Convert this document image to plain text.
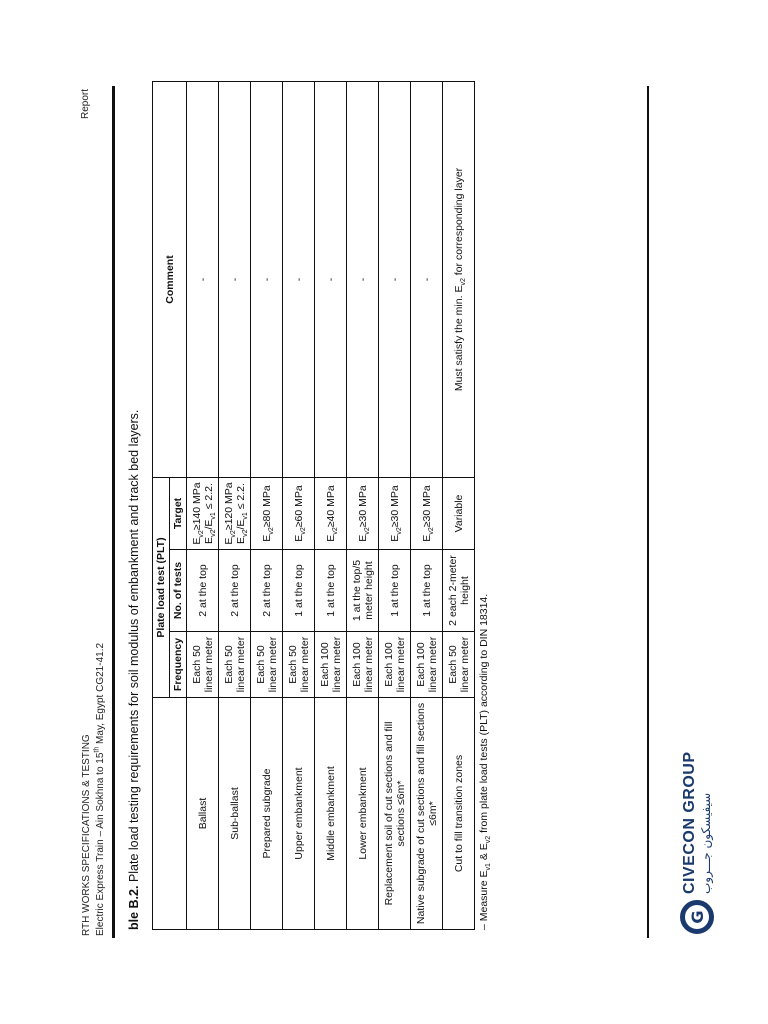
RTH WORKS SPECIFICATIONS & TESTING Electric Express Train – Ain Sokhna to 15th May, Egypt CG21-41.2
Report
ble B.2. Plate load testing requirements for soil modulus of embankment and track bed layers.
	Plate load test (PLT)			Comment
	Frequency	No. of tests	Target	
Ballast	Each 50 linear meter	2 at the top	$E_{v2}\ge 140$ MPa $E_{v2}/E_{v1} \le 2.2$.	-
Sub-ballast	Each 50 linear meter	2 at the top	$E_{v2}\ge 120$ MPa $E_{v2}/E_{v1} \le 2.2$.	-
Prepared subgrade	Each 50 linear meter	2 at the top	$E_{v2}\ge 80$ MPa	-
Upper embankment	Each 50 linear meter	1 at the top	$E_{v2}\ge 60$ MPa	-
Middle embankment	Each 100 linear meter	1 at the top	$E_{v2}\ge 40$ MPa	-
Lower embankment	Each 100 linear meter	1 at the top/5 meter height	$E_{v2}\ge 30$ MPa	-
Replacement soil of cut sections and fill sections ≤6m*	Each 100 linear meter	1 at the top	$E_{v2}\ge 30$ MPa	-
Native subgrade of cut sections and fill sections ≤6m*	Each 100 linear meter	1 at the top	$E_{v2}\ge 30$ MPa	-
Cut to fill transition zones	Each 50 linear meter	2 each 2-meter height	Variable	Must satisfy the min. $E_{v2}$ for corresponding layer
– Measure $E_{v1}$ & $E_{v2}$ from plate load tests (PLT) according to DIN 18314.
G
CIVECON GROUP سيفيسكون جـــروب
